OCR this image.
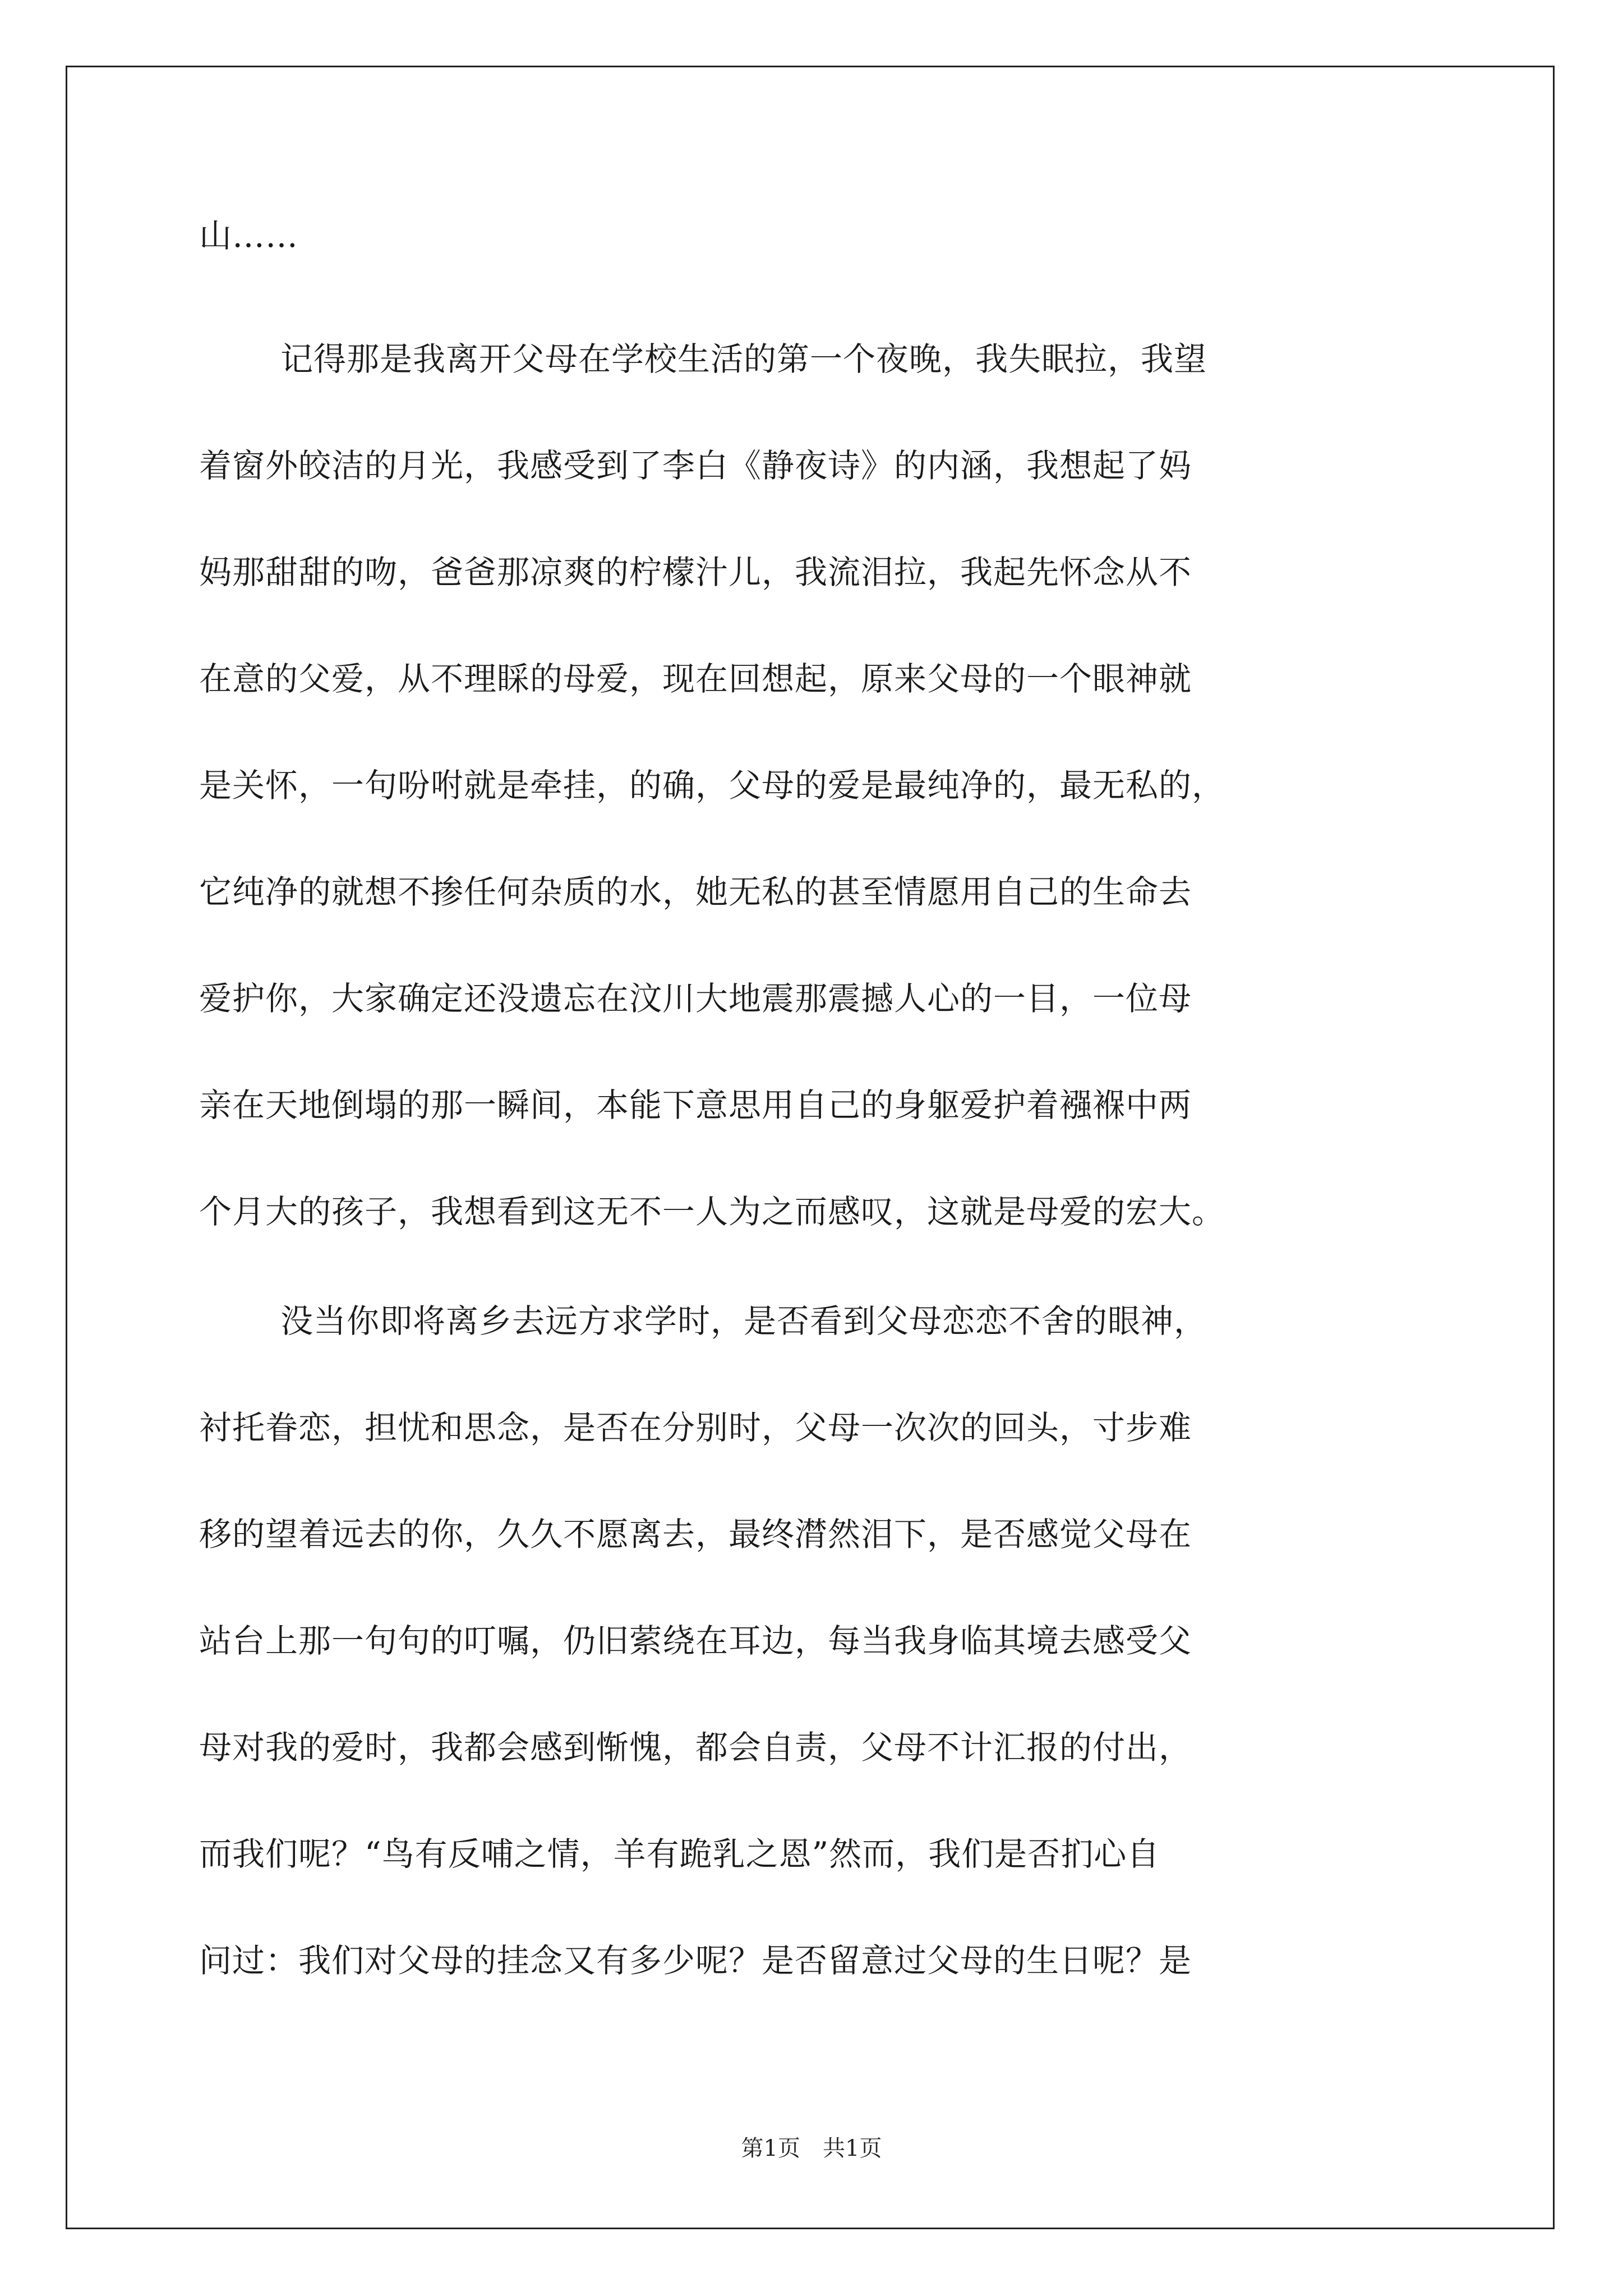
山……
记得那是我离开父母在学校生活的第一个夜晚，我失眠拉，我望
着窗外皎洁的月光，我感受到了李白《静夜诗》的内涵，我想起了妈
妈那甜甜的吻，爸爸那凉爽的柠檬汁儿，我流泪拉，我起先怀念从不
在意的父爱，从不理睬的母爱，现在回想起，原来父母的一个眼神就
是关怀，一句吩咐就是牵挂，的确，父母的爱是最纯净的，最无私的，
它纯净的就想不掺任何杂质的水，她无私的甚至情愿用自己的生命去
爱护你，大家确定还没遗忘在汶川大地震那震撼人心的一目，一位母
亲在天地倒塌的那一瞬间，本能下意思用自己的身躯爱护着襁褓中两
个月大的孩子，我想看到这无不一人为之而感叹，这就是母爱的宏大。
没当你即将离乡去远方求学时，是否看到父母恋恋不舍的眼神，
衬托眷恋，担忧和思念，是否在分别时，父母一次次的回头，寸步难
移的望着远去的你，久久不愿离去，最终潸然泪下，是否感觉父母在
站台上那一句句的叮嘱，仍旧萦绕在耳边，每当我身临其境去感受父
母对我的爱时，我都会感到惭愧，都会自责，父母不计汇报的付出，
而我们呢？“鸟有反哺之情，羊有跪乳之恩”然而，我们是否扪心自
问过：我们对父母的挂念又有多少呢？是否留意过父母的生日呢？是
第1页　共1页
